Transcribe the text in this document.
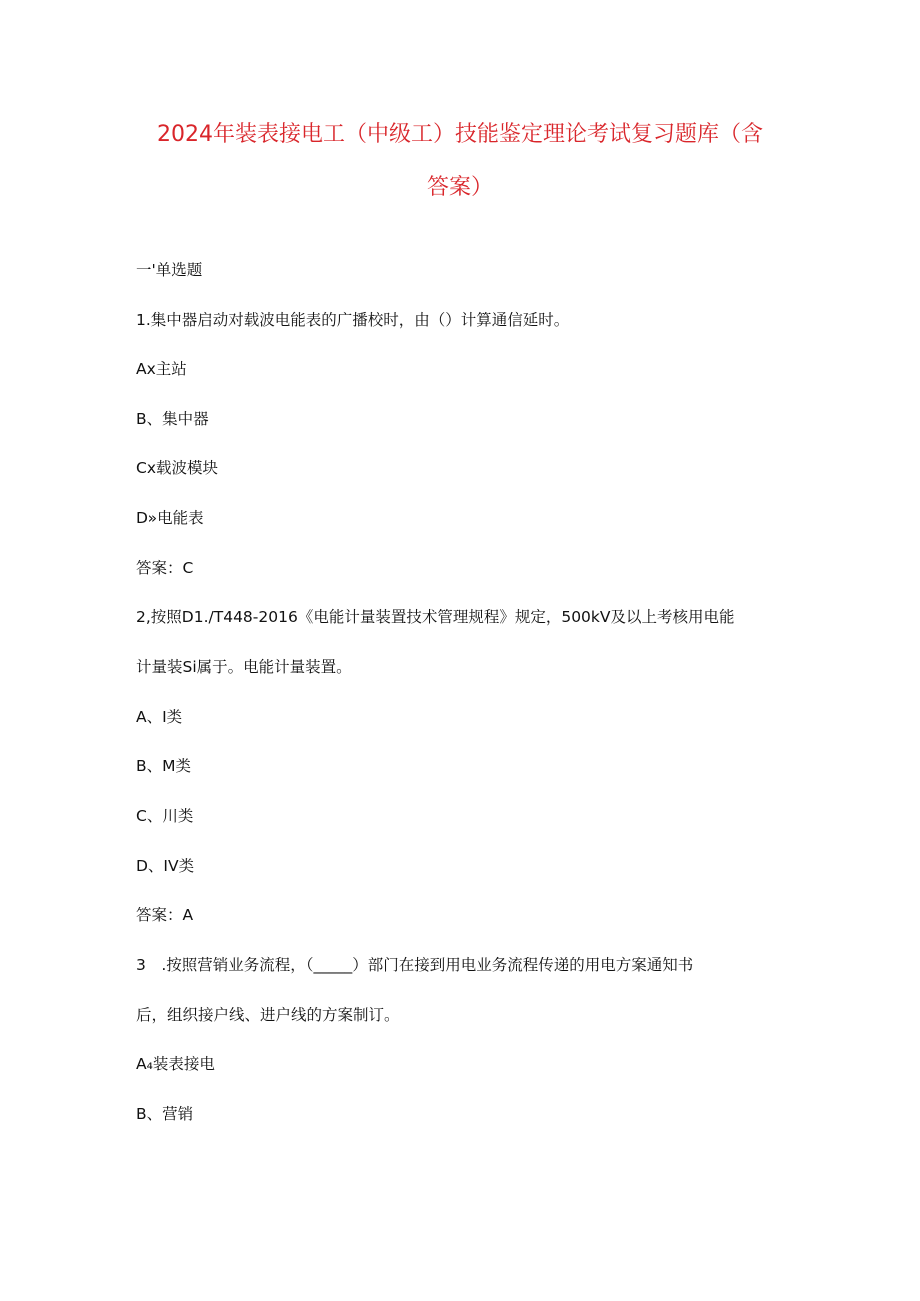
2024年装表接电工（中级工）技能鉴定理论考试复习题库（含
答案）
一'单选题
1.集中器启动对载波电能表的广播校时，由（）计算通信延时。
Ax主站
B、集中器
Cx载波模块
D»电能表
答案：C
2,按照D1./T448-2016《电能计量装置技术管理规程》规定，500kV及以上考核用电能
计量装Si属于。电能计量装置。
A、I类
B、M类
C、川类
D、IV类
答案：A
3　.按照营销业务流程，（_____）部门在接到用电业务流程传递的用电方案通知书
后，组织接户线、进户线的方案制订。
A₄装表接电
B、营销
